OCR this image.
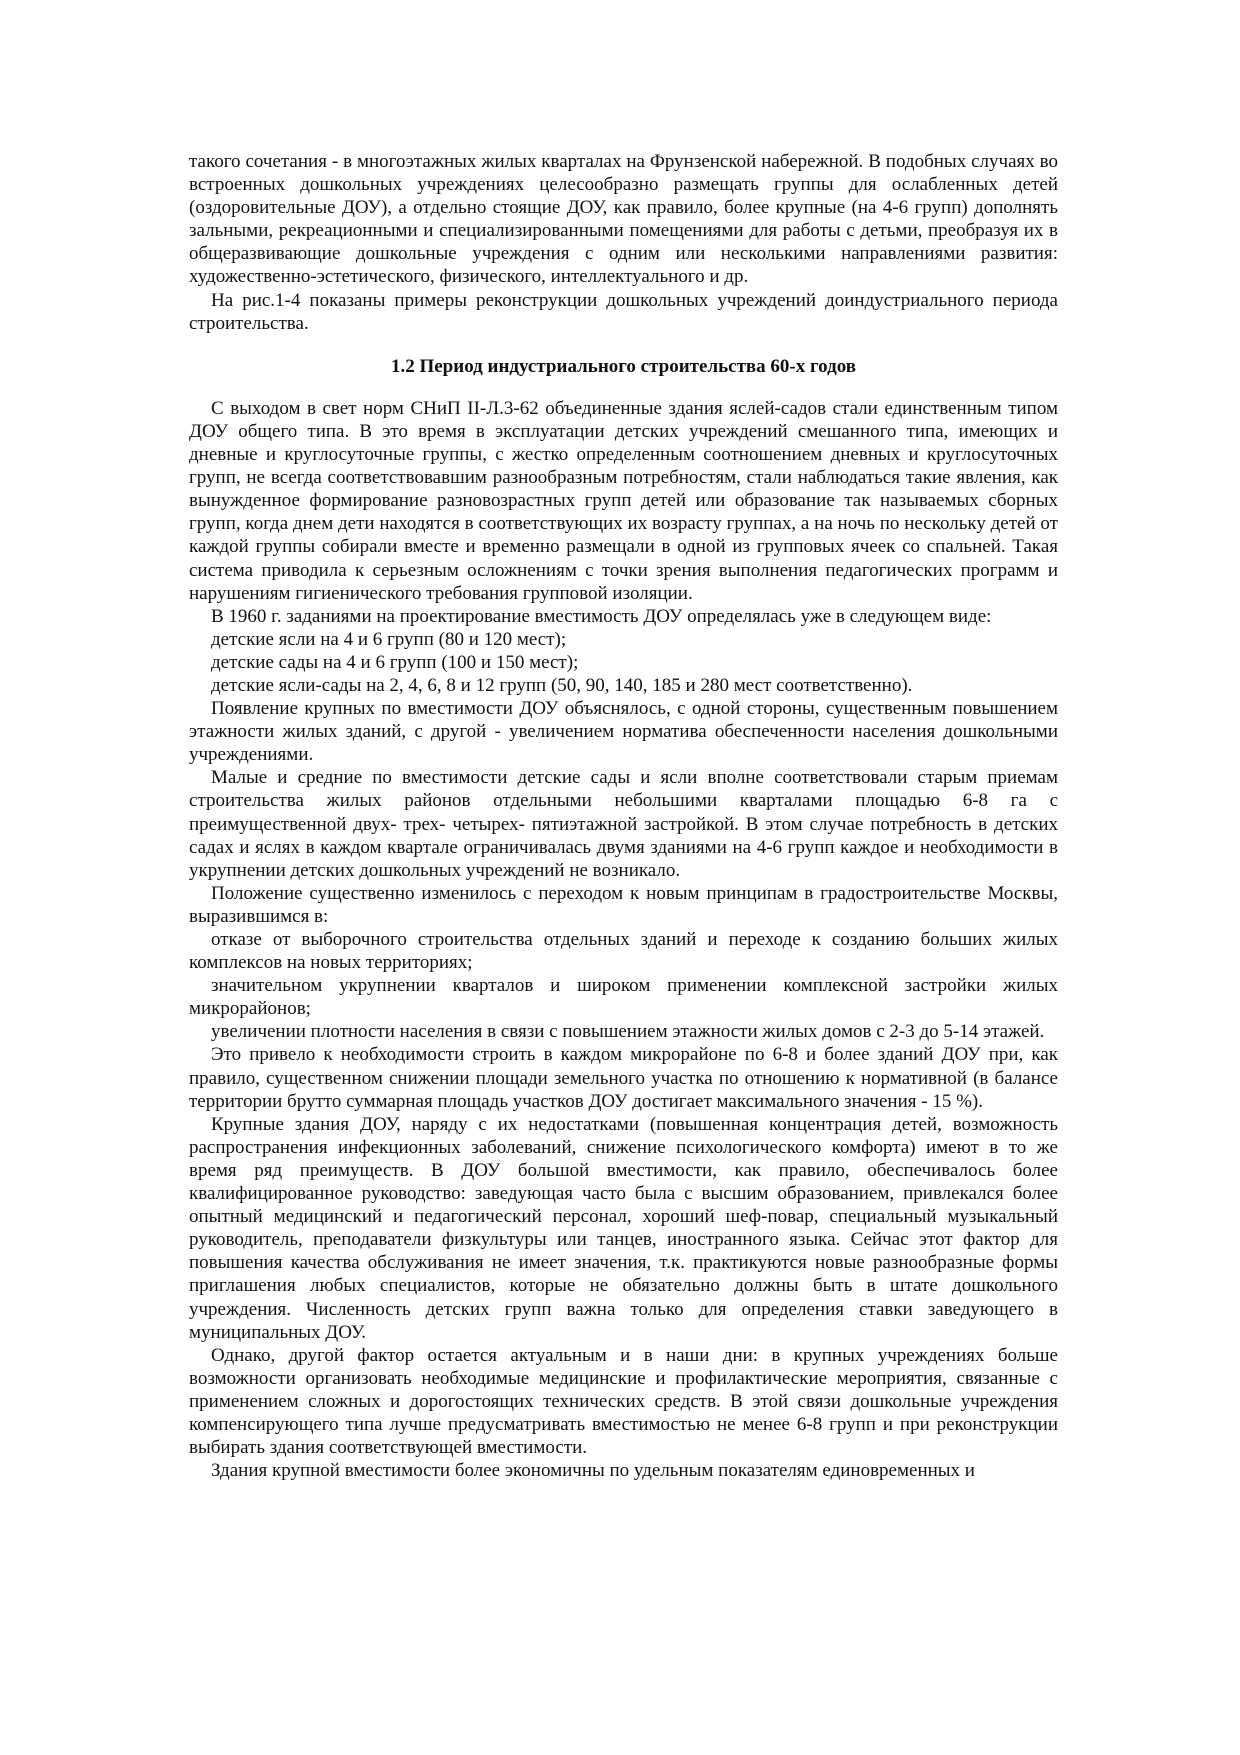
такого сочетания - в многоэтажных жилых кварталах на Фрунзенской набережной. В подобных случаях во встроенных дошкольных учреждениях целесообразно размещать группы для ослабленных детей (оздоровительные ДОУ), а отдельно стоящие ДОУ, как правило, более крупные (на 4-6 групп) дополнять зальными, рекреационными и специализированными помещениями для работы с детьми, преобразуя их в общеразвивающие дошкольные учреждения с одним или несколькими направлениями развития: художественно-эстетического, физического, интеллектуального и др.

На рис.1-4 показаны примеры реконструкции дошкольных учреждений доиндустриального периода строительства.

1.2 Период индустриального строительства 60-х годов

С выходом в свет норм СНиП II-Л.3-62 объединенные здания яслей-садов стали единственным типом ДОУ общего типа. В это время в эксплуатации детских учреждений смешанного типа, имеющих и дневные и круглосуточные группы, с жестко определенным соотношением дневных и круглосуточных групп, не всегда соответствовавшим разнообразным потребностям, стали наблюдаться такие явления, как вынужденное формирование разновозрастных групп детей или образование так называемых сборных групп, когда днем дети находятся в соответствующих их возрасту группах, а на ночь по нескольку детей от каждой группы собирали вместе и временно размещали в одной из групповых ячеек со спальней. Такая система приводила к серьезным осложнениям с точки зрения выполнения педагогических программ и нарушениям гигиенического требования групповой изоляции.

В 1960 г. заданиями на проектирование вместимость ДОУ определялась уже в следующем виде:

детские ясли на 4 и 6 групп (80 и 120 мест);

детские сады на 4 и 6 групп (100 и 150 мест);

детские ясли-сады на 2, 4, 6, 8 и 12 групп (50, 90, 140, 185 и 280 мест соответственно).

Появление крупных по вместимости ДОУ объяснялось, с одной стороны, существенным повышением этажности жилых зданий, с другой - увеличением норматива обеспеченности населения дошкольными учреждениями.

Малые и средние по вместимости детские сады и ясли вполне соответствовали старым приемам строительства жилых районов отдельными небольшими кварталами площадью 6-8 га с преимущественной двух- трех- четырех- пятиэтажной застройкой. В этом случае потребность в детских садах и яслях в каждом квартале ограничивалась двумя зданиями на 4-6 групп каждое и необходимости в укрупнении детских дошкольных учреждений не возникало.

Положение существенно изменилось с переходом к новым принципам в градостроительстве Москвы, выразившимся в:

отказе от выборочного строительства отдельных зданий и переходе к созданию больших жилых комплексов на новых территориях;

значительном укрупнении кварталов и широком применении комплексной застройки жилых микрорайонов;

увеличении плотности населения в связи с повышением этажности жилых домов с 2-3 до 5-14 этажей.

Это привело к необходимости строить в каждом микрорайоне по 6-8 и более зданий ДОУ при, как правило, существенном снижении площади земельного участка по отношению к нормативной (в балансе территории брутто суммарная площадь участков ДОУ достигает максимального значения - 15 %).

Крупные здания ДОУ, наряду с их недостатками (повышенная концентрация детей, возможность распространения инфекционных заболеваний, снижение психологического комфорта) имеют в то же время ряд преимуществ. В ДОУ большой вместимости, как правило, обеспечивалось более квалифицированное руководство: заведующая часто была с высшим образованием, привлекался более опытный медицинский и педагогический персонал, хороший шеф-повар, специальный музыкальный руководитель, преподаватели физкультуры или танцев, иностранного языка. Сейчас этот фактор для повышения качества обслуживания не имеет значения, т.к. практикуются новые разнообразные формы приглашения любых специалистов, которые не обязательно должны быть в штате дошкольного учреждения. Численность детских групп важна только для определения ставки заведующего в муниципальных ДОУ.

Однако, другой фактор остается актуальным и в наши дни: в крупных учреждениях больше возможности организовать необходимые медицинские и профилактические мероприятия, связанные с применением сложных и дорогостоящих технических средств. В этой связи дошкольные учреждения компенсирующего типа лучше предусматривать вместимостью не менее 6-8 групп и при реконструкции выбирать здания соответствующей вместимости.

Здания крупной вместимости более экономичны по удельным показателям единовременных и
